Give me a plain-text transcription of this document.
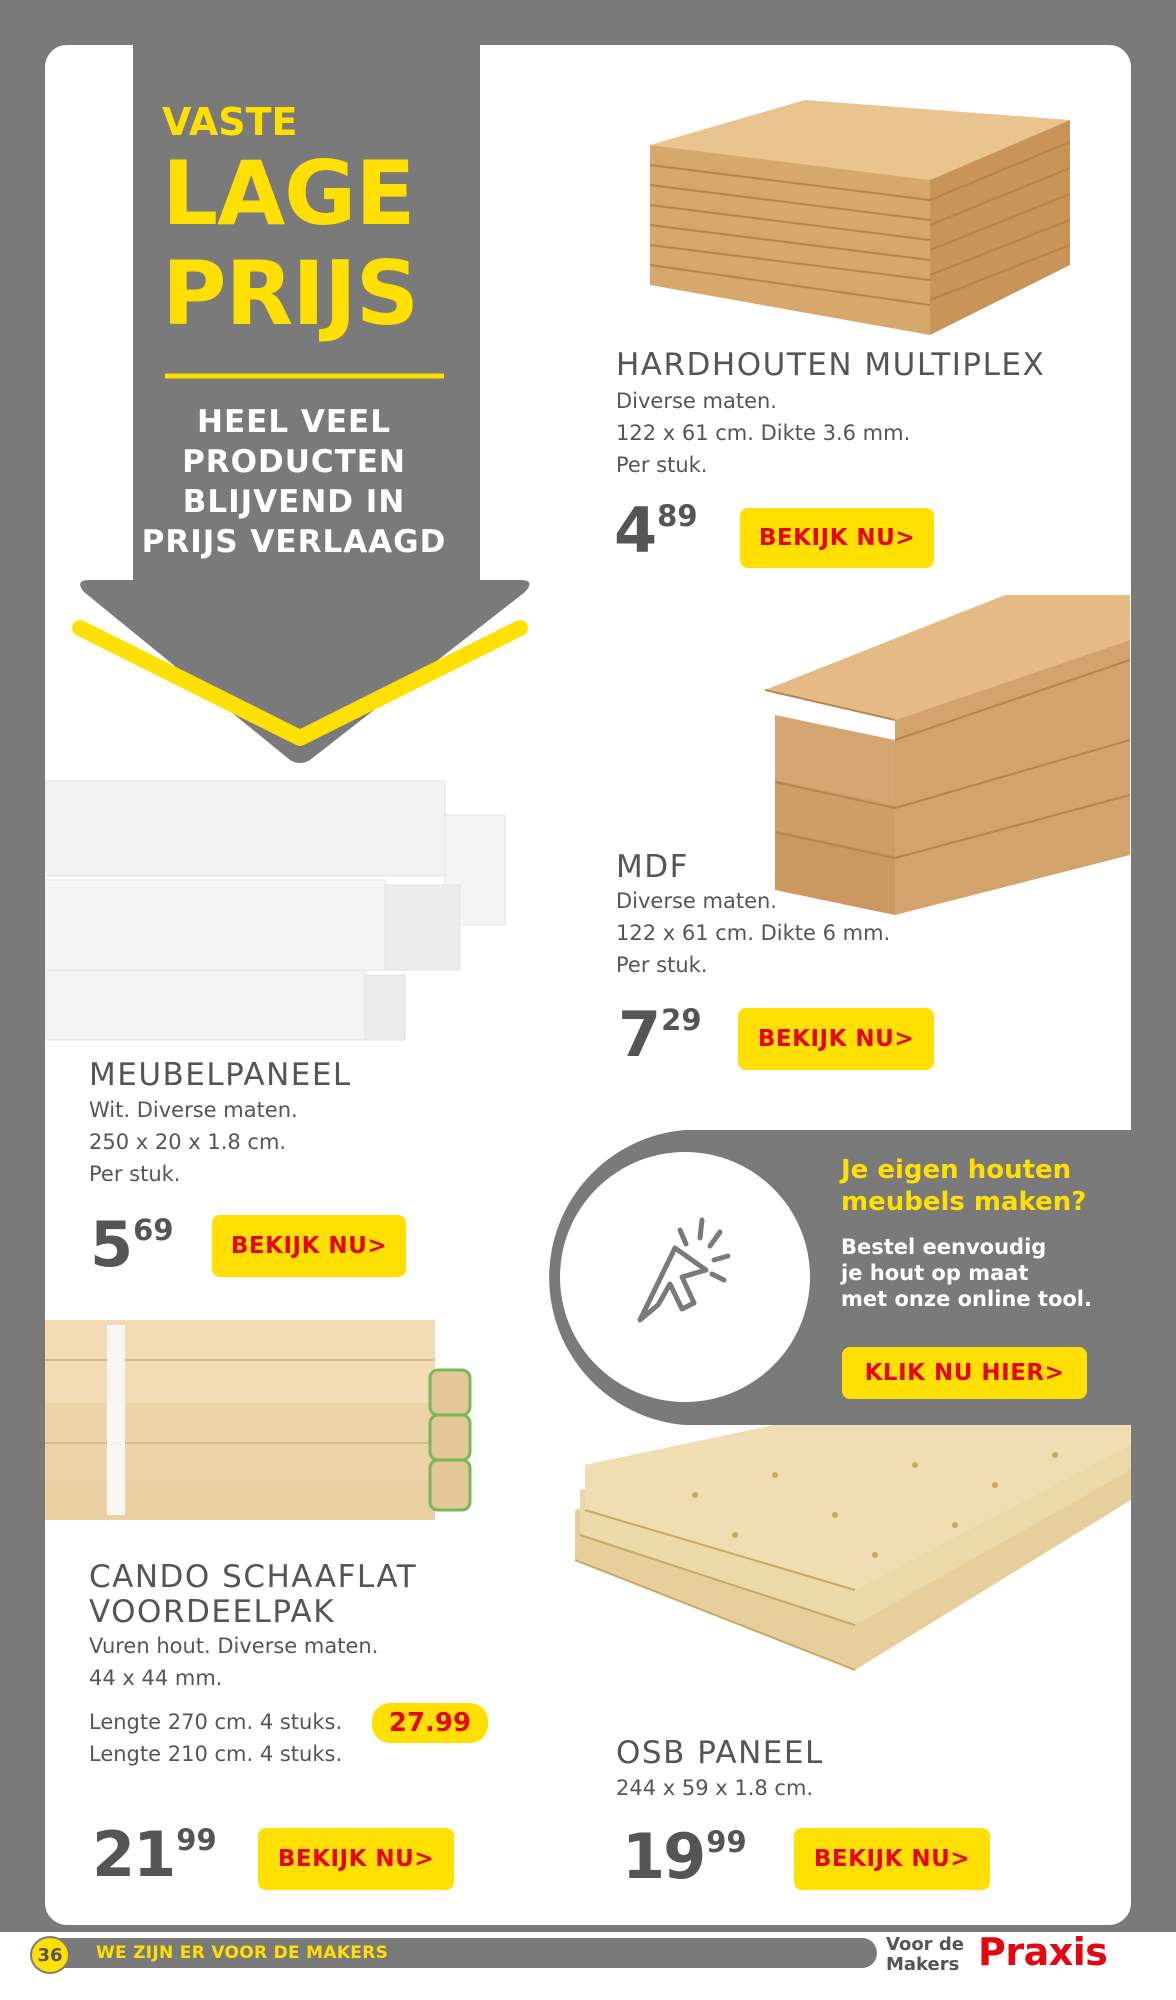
VASTE
LAGE
PRIJS
HEEL VEEL
PRODUCTEN
BLIJVEND IN
PRIJS VERLAAGD
HARDHOUTEN MULTIPLEX
Diverse maten.
122 x 61 cm. Dikte 3.6 mm.
Per stuk.
489
BEKIJK NU>
MDF
Diverse maten.
122 x 61 cm. Dikte 6 mm.
Per stuk.
729
BEKIJK NU>
MEUBELPANEEL
Wit. Diverse maten.
250 x 20 x 1.8 cm.
Per stuk.
569	BEKIJK NU>
Je eigen houten
meubels maken?
Bestel eenvoudig
je hout op maat
met onze online tool.
KLIK NU HIER>
CANDO SCHAAFLAT
VOORDEELPAK
Vuren hout. Diverse maten.
44 x 44 mm.
Lengte 270 cm. 4 stuks.
Lengte 210 cm. 4 stuks.
27.99
2199
BEKIJK NU>
OSB PANEEL
244 x 59 x 1.8 cm.
1999	BEKIJK NU>
36	WE ZIJN ER VOOR DE MAKERS	Voor de
Makers Praxis
